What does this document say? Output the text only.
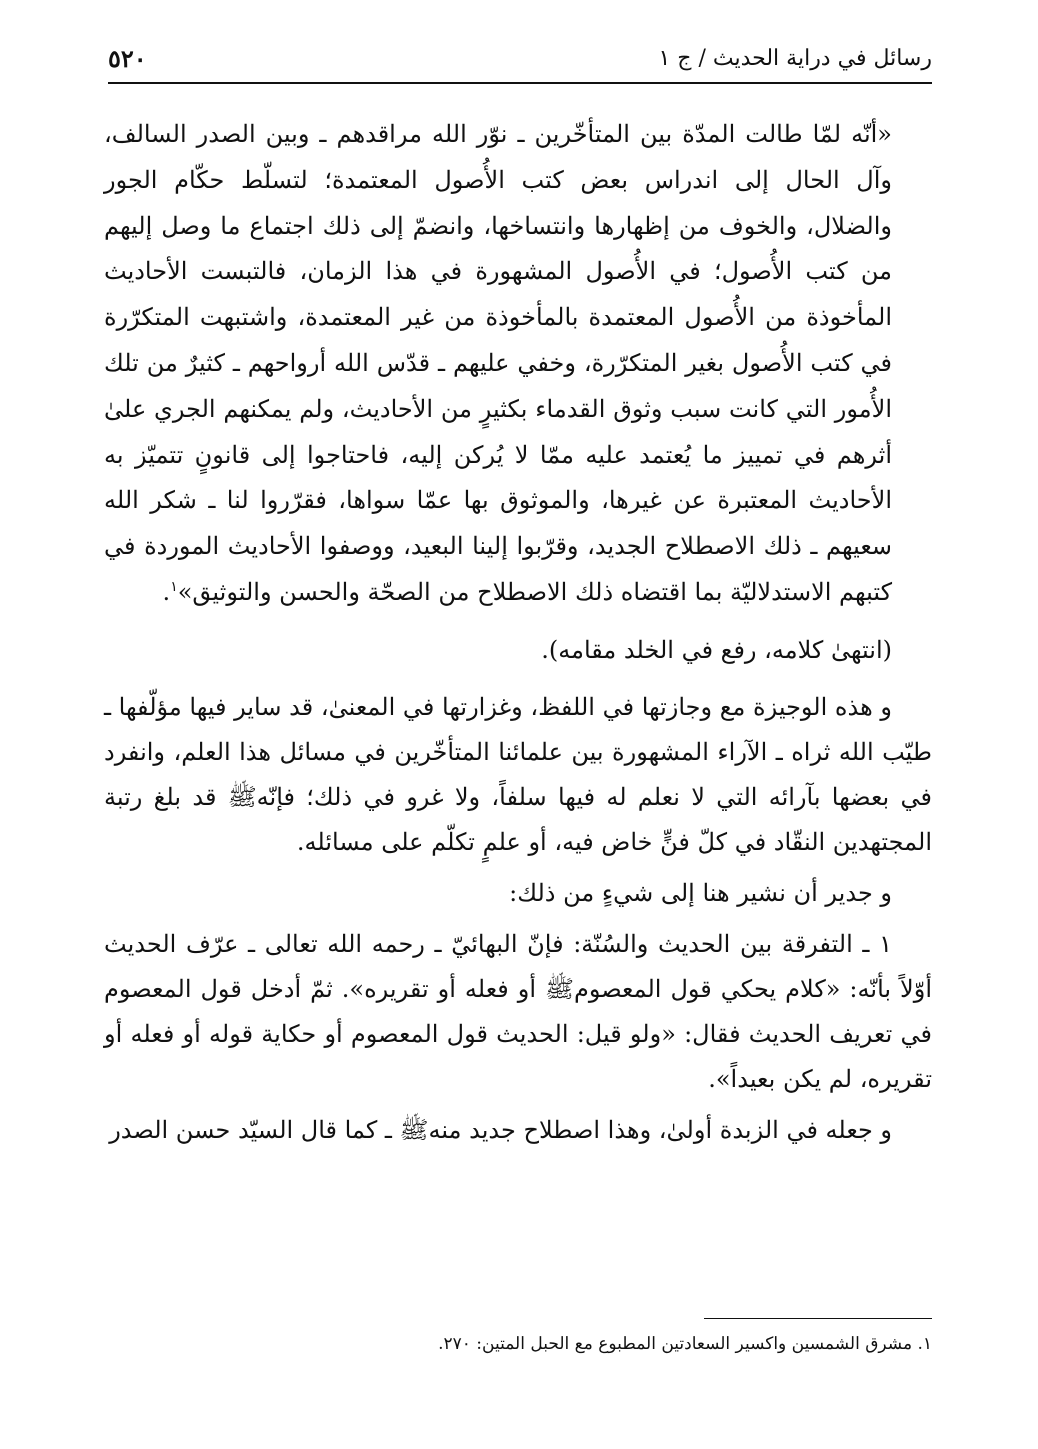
٥٢٠	رسائل في دراية الحديث / ج ١

«أنّه لمّا طالت المدّة بين المتأخّرين ـ نوّر الله مراقدهم ـ وبين الصدر السالف، وآل الحال إلى اندراس بعض كتب الأُصول المعتمدة؛ لتسلّط حكّام الجور والضلال، والخوف من إظهارها وانتساخها، وانضمّ إلى ذلك اجتماع ما وصل إليهم من كتب الأُصول؛ في الأُصول المشهورة في هذا الزمان، فالتبست الأحاديث المأخوذة من الأُصول المعتمدة بالمأخوذة من غير المعتمدة، واشتبهت المتكرّرة في كتب الأُصول بغير المتكرّرة، وخفي عليهم ـ قدّس الله أرواحهم ـ كثيرٌ من تلك الأُمور التي كانت سبب وثوق القدماء بكثيرٍ من الأحاديث، ولم يمكنهم الجري علىٰ أثرهم في تمييز ما يُعتمد عليه ممّا لا يُركن إليه، فاحتاجوا إلى قانونٍ تتميّز به الأحاديث المعتبرة عن غيرها، والموثوق بها عمّا سواها، فقرّروا لنا ـ شكر الله سعيهم ـ ذلك الاصطلاح الجديد، وقرّبوا إلينا البعيد، ووصفوا الأحاديث الموردة في كتبهم الاستدلاليّة بما اقتضاه ذلك الاصطلاح من الصحّة والحسن والتوثيق»$^١$.

(انتهىٰ كلامه، رفع في الخلد مقامه).

و هذه الوجيزة مع وجازتها في اللفظ، وغزارتها في المعنىٰ، قد ساير فيها مؤلّفها ـ طيّب الله ثراه ـ الآراء المشهورة بين علمائنا المتأخّرين في مسائل هذا العلم، وانفرد في بعضها بآرائه التي لا نعلم له فيها سلفاً، ولا غرو في ذلك؛ فإنّه‌ﷺ قد بلغ رتبة المجتهدين النقّاد في كلّ فنٍّ خاض فيه، أو علمٍ تكلّم على مسائله.

و جدير أن نشير هنا إلى شيءٍ من ذلك:

١ ـ التفرقة بين الحديث والسُنّة: فإنّ البهائيّ ـ رحمه الله تعالى ـ عرّف الحديث أوّلاً بأنّه: «كلام يحكي قول المعصوم‌ﷺ أو فعله أو تقريره». ثمّ أدخل قول المعصوم في تعريف الحديث فقال: «ولو قيل: الحديث قول المعصوم أو حكاية قوله أو فعله أو تقريره، لم يكن بعيداً».

و جعله في الزبدة أولىٰ، وهذا اصطلاح جديد منه‌ﷺ ـ كما قال السيّد حسن الصدر

١. مشرق الشمسين واكسير السعادتين المطبوع مع الحبل المتين: ٢٧٠.
